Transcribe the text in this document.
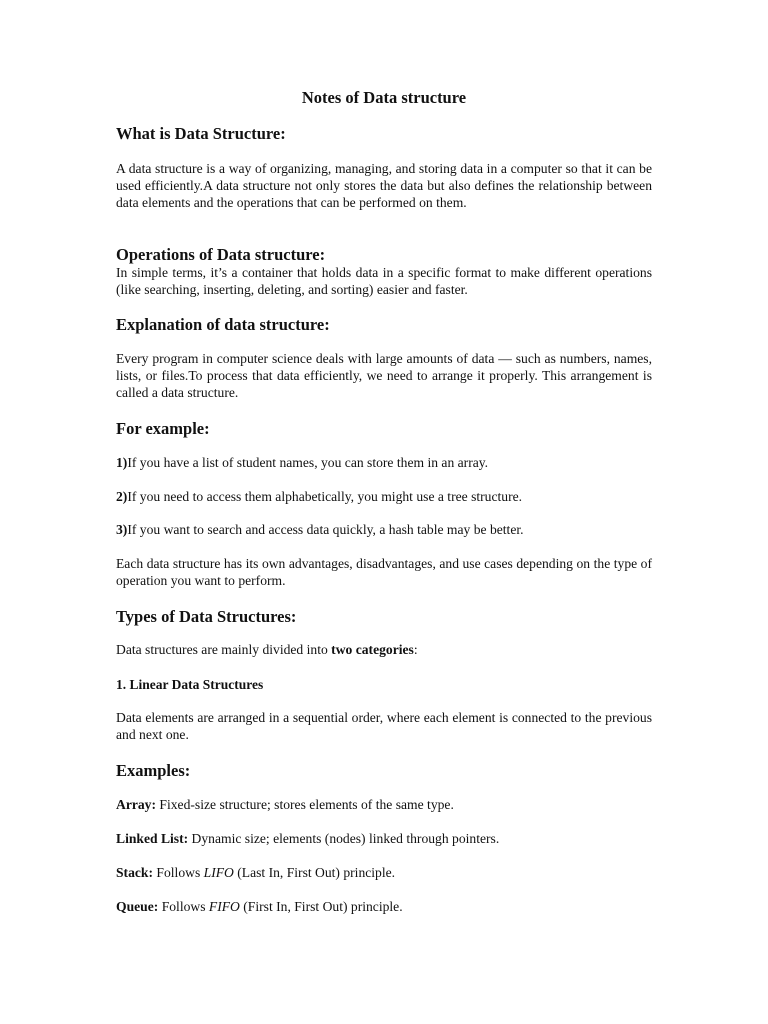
Notes of Data structure
What is Data Structure:

A data structure is a way of organizing, managing, and storing data in a computer so that it can be used efficiently.A data structure not only stores the data but also defines the relationship between data elements and the operations that can be performed on them.

Operations of Data structure:

In simple terms, it’s a container that holds data in a specific format to make different operations (like searching, inserting, deleting, and sorting) easier and faster.

Explanation of data structure:

Every program in computer science deals with large amounts of data — such as numbers, names, lists, or files.To process that data efficiently, we need to arrange it properly. This arrangement is called a data structure.

For example:

1)If you have a list of student names, you can store them in an array.

2)If you need to access them alphabetically, you might use a tree structure.

3)If you want to search and access data quickly, a hash table may be better.

Each data structure has its own advantages, disadvantages, and use cases depending on the type of operation you want to perform.

Types of Data Structures:

Data structures are mainly divided into two categories:

1. Linear Data Structures

Data elements are arranged in a sequential order, where each element is connected to the previous and next one.

Examples:

Array: Fixed-size structure; stores elements of the same type.

Linked List: Dynamic size; elements (nodes) linked through pointers.

Stack: Follows LIFO (Last In, First Out) principle.

Queue: Follows FIFO (First In, First Out) principle.
